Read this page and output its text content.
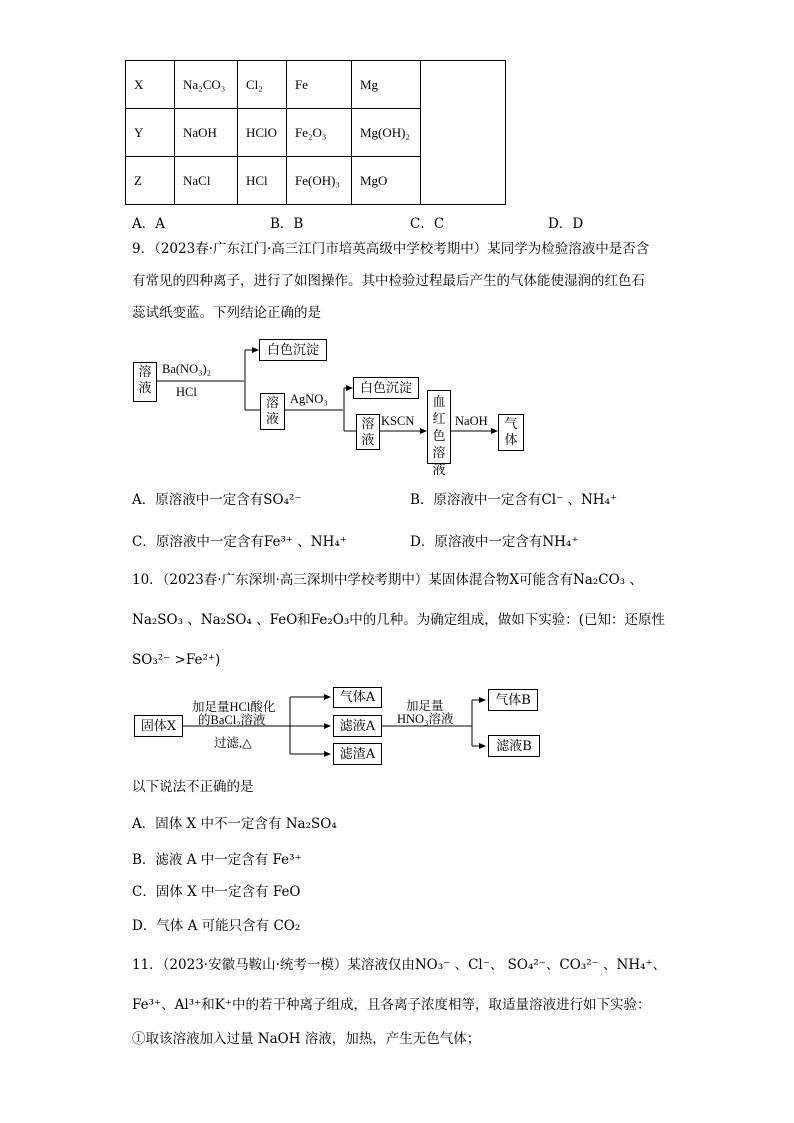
X	Na₂CO₃	Cl₂	Fe	Mg	
Y	NaOH	HClO	Fe₂O₃	Mg(OH)₂	
Z	NaCl	HCl	Fe(OH)₃	MgO	
A．A	B．B	C．C	D．D
9．（2023春·广东江门·高三江门市培英高级中学校考期中）某同学为检验溶液中是否含
有常见的四种离子，进行了如图操作。其中检验过程最后产生的气体能使湿润的红色石
蕊试纸变蓝。下列结论正确的是
溶液
Ba(NO₃)₂
HCl
白色沉淀
溶液
AgNO₃
白色沉淀
溶液
KSCN
血红色溶液
NaOH	气体
A．原溶液中一定含有SO₄²⁻	B．原溶液中一定含有Cl⁻ 、NH₄⁺
C．原溶液中一定含有Fe³⁺ 、NH₄⁺	D．原溶液中一定含有NH₄⁺
10．（2023春·广东深圳·高三深圳中学校考期中）某固体混合物X可能含有Na₂CO₃ 、
Na₂SO₃ 、Na₂SO₄ 、FeO和Fe₂O₃中的几种。为确定组成，做如下实验：(已知：还原性
SO₃²⁻ >Fe²⁺)
固体X
加足量HCl酸化
的BaCl₂溶液
过滤,△
气体A
滤液A
滤渣A
加足量
HNO₃溶液
气体B
滤液B
以下说法不正确的是
A．固体 X 中不一定含有 Na₂SO₄
B．滤液 A 中一定含有 Fe³⁺
C．固体 X 中一定含有 FeO
D．气体 A 可能只含有 CO₂
11．（2023·安徽马鞍山·统考一模）某溶液仅由NO₃⁻ 、Cl⁻、 SO₄²⁻、CO₃²⁻ 、NH₄⁺、
Fe³⁺、Al³⁺和K⁺中的若干种离子组成，且各离子浓度相等，取适量溶液进行如下实验：
①取该溶液加入过量 NaOH 溶液，加热，产生无色气体；
